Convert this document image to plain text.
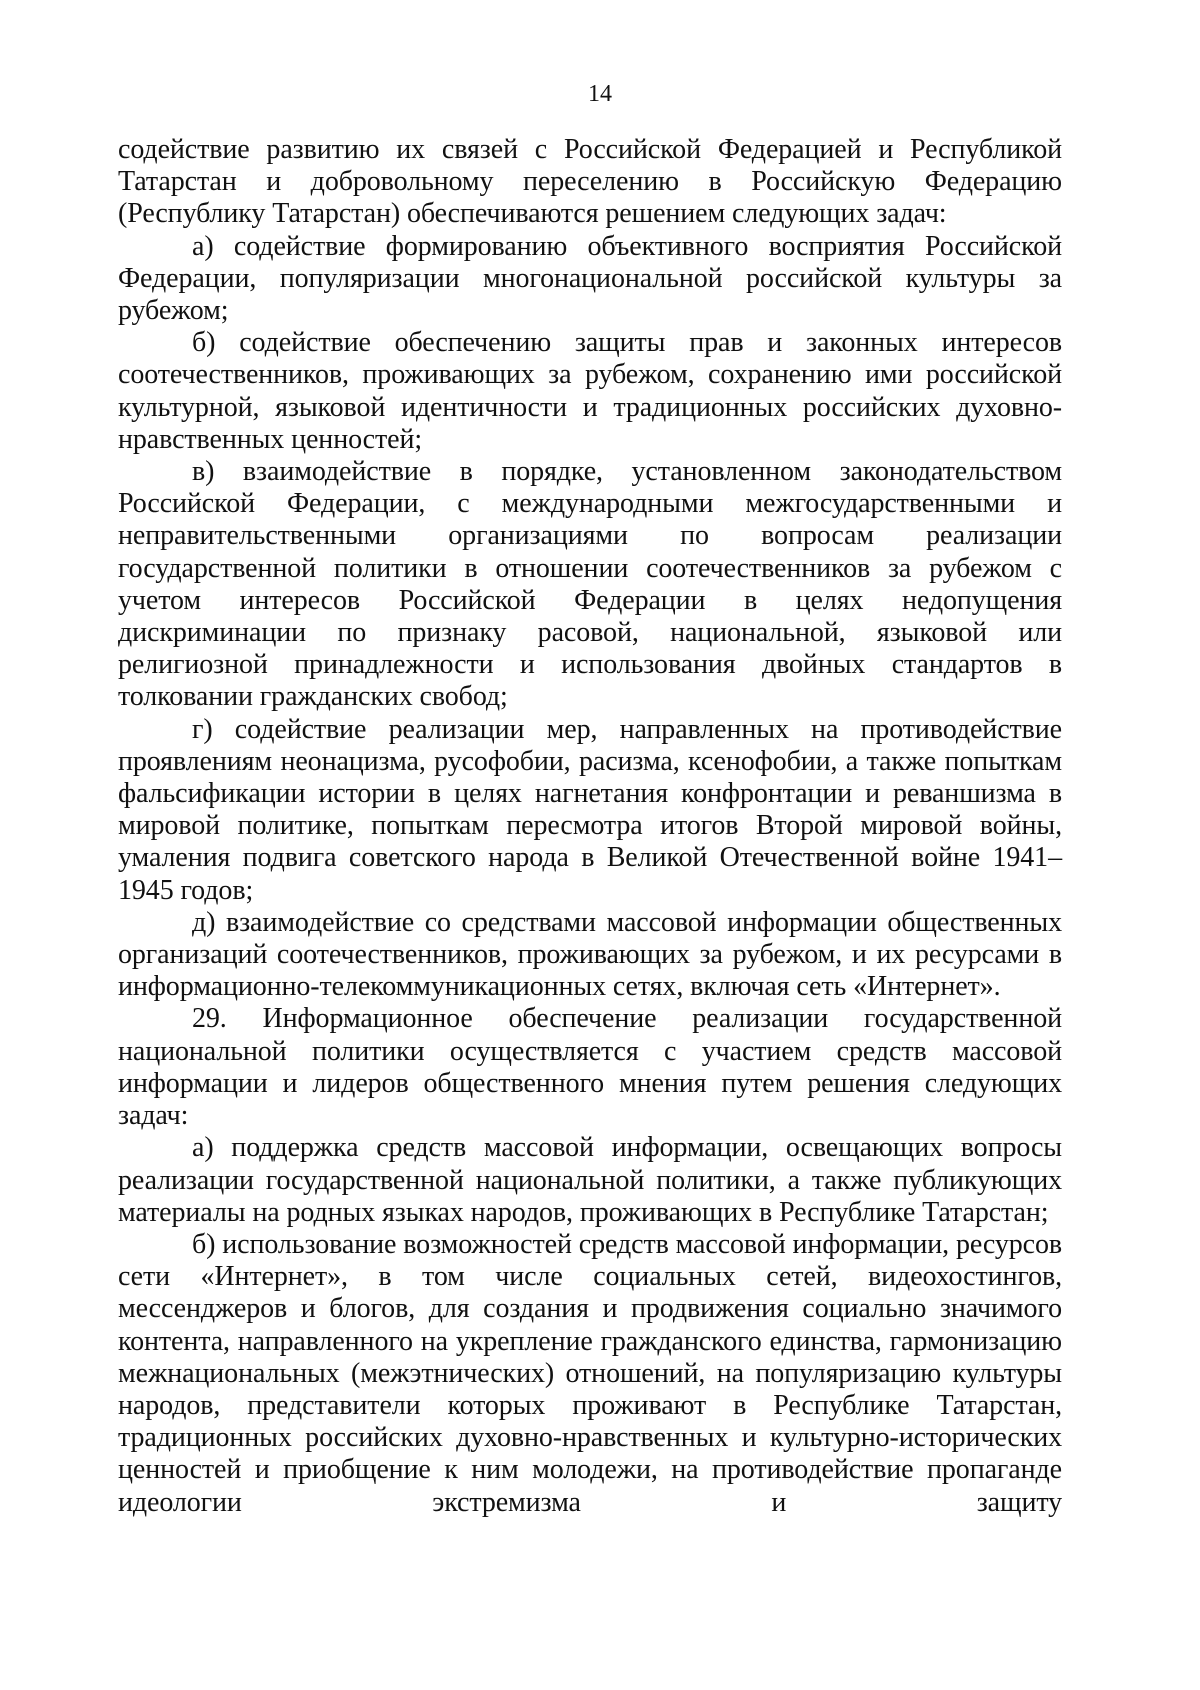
14

содействие развитию их связей с Российской Федерацией и Республикой Татарстан и добровольному переселению в Российскую Федерацию (Республику Татарстан) обеспечиваются решением следующих задач:

а) содействие формированию объективного восприятия Российской Федерации, популяризации многонациональной российской культуры за рубежом;

б) содействие обеспечению защиты прав и законных интересов соотечественников, проживающих за рубежом, сохранению ими российской культурной, языковой идентичности и традиционных российских духовно-нравственных ценностей;

в) взаимодействие в порядке, установленном законодательством Российской Федерации, с международными межгосударственными и неправительственными организациями по вопросам реализации государственной политики в отношении соотечественников за рубежом с учетом интересов Российской Федерации в целях недопущения дискриминации по признаку расовой, национальной, языковой или религиозной принадлежности и использования двойных стандартов в толковании гражданских свобод;

г) содействие реализации мер, направленных на противодействие проявлениям неонацизма, русофобии, расизма, ксенофобии, а также попыткам фальсификации истории в целях нагнетания конфронтации и реваншизма в мировой политике, попыткам пересмотра итогов Второй мировой войны, умаления подвига советского народа в Великой Отечественной войне 1941–1945 годов;

д) взаимодействие со средствами массовой информации общественных организаций соотечественников, проживающих за рубежом, и их ресурсами в информационно-телекоммуникационных сетях, включая сеть «Интернет».

29. Информационное обеспечение реализации государственной национальной политики осуществляется с участием средств массовой информации и лидеров общественного мнения путем решения следующих задач:

а) поддержка средств массовой информации, освещающих вопросы реализации государственной национальной политики, а также публикующих материалы на родных языках народов, проживающих в Республике Татарстан;

б) использование возможностей средств массовой информации, ресурсов сети «Интернет», в том числе социальных сетей, видеохостингов, мессенджеров и блогов, для создания и продвижения социально значимого контента, направленного на укрепление гражданского единства, гармонизацию межнациональных (межэтнических) отношений, на популяризацию культуры народов, представители которых проживают в Республике Татарстан, традиционных российских духовно-нравственных и культурно-исторических ценностей и приобщение к ним молодежи, на противодействие пропаганде идеологии экстремизма и защиту
